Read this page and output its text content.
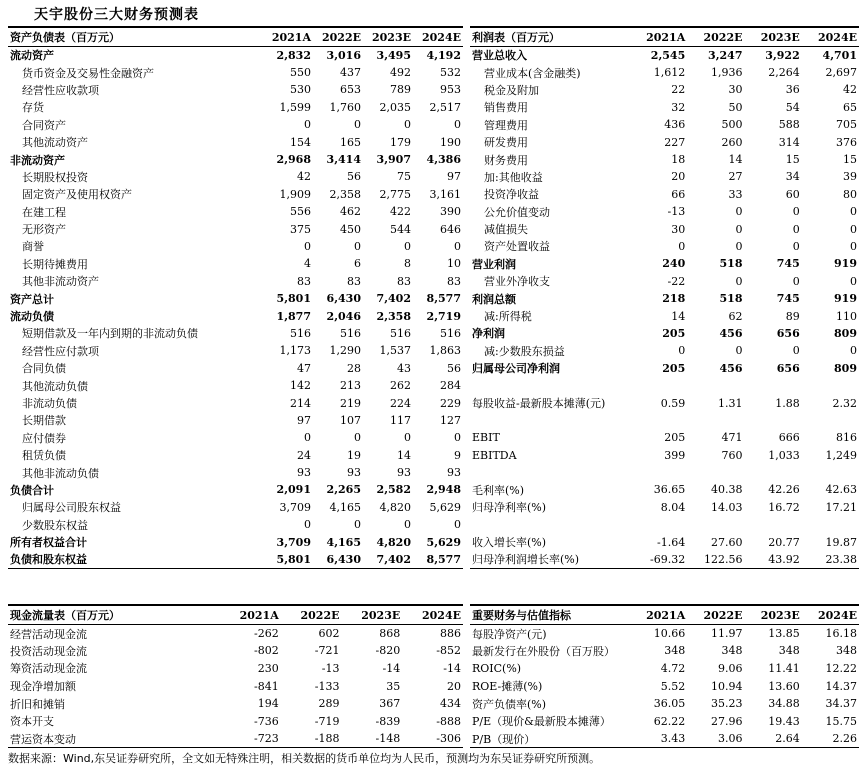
天宇股份三大财务预测表
资产负债表（百万元）	2021A	2022E	2023E	2024E
流动资产	2,832	3,016	3,495	4,192
货币资金及交易性金融资产	550	437	492	532
经营性应收款项	530	653	789	953
存货	1,599	1,760	2,035	2,517
合同资产	0	0	0	0
其他流动资产	154	165	179	190
非流动资产	2,968	3,414	3,907	4,386
长期股权投资	42	56	75	97
固定资产及使用权资产	1,909	2,358	2,775	3,161
在建工程	556	462	422	390
无形资产	375	450	544	646
商誉	0	0	0	0
长期待摊费用	4	6	8	10
其他非流动资产	83	83	83	83
资产总计	5,801	6,430	7,402	8,577
流动负债	1,877	2,046	2,358	2,719
短期借款及一年内到期的非流动负债	516	516	516	516
经营性应付款项	1,173	1,290	1,537	1,863
合同负债	47	28	43	56
其他流动负债	142	213	262	284
非流动负债	214	219	224	229
长期借款	97	107	117	127
应付债券	0	0	0	0
租赁负债	24	19	14	9
其他非流动负债	93	93	93	93
负债合计	2,091	2,265	2,582	2,948
归属母公司股东权益	3,709	4,165	4,820	5,629
少数股东权益	0	0	0	0
所有者权益合计	3,709	4,165	4,820	5,629
负债和股东权益	5,801	6,430	7,402	8,577
利润表（百万元）	2021A	2022E	2023E	2024E
营业总收入	2,545	3,247	3,922	4,701
营业成本(含金融类)	1,612	1,936	2,264	2,697
税金及附加	22	30	36	42
销售费用	32	50	54	65
管理费用	436	500	588	705
研发费用	227	260	314	376
财务费用	18	14	15	15
加:其他收益	20	27	34	39
投资净收益	66	33	60	80
公允价值变动	-13	0	0	0
减值损失	30	0	0	0
资产处置收益	0	0	0	0
营业利润	240	518	745	919
营业外净收支	-22	0	0	0
利润总额	218	518	745	919
减:所得税	14	62	89	110
净利润	205	456	656	809
减:少数股东损益	0	0	0	0
归属母公司净利润	205	456	656	809

每股收益-最新股本摊薄(元)	0.59	1.31	1.88	2.32

EBIT	205	471	666	816
EBITDA	399	760	1,033	1,249

毛利率(%)	36.65	40.38	42.26	42.63
归母净利率(%)	8.04	14.03	16.72	17.21

收入增长率(%)	-1.64	27.60	20.77	19.87
归母净利润增长率(%)	-69.32	122.56	43.92	23.38
现金流量表（百万元）	2021A	2022E	2023E	2024E
经营活动现金流	-262	602	868	886
投资活动现金流	-802	-721	-820	-852
筹资活动现金流	230	-13	-14	-14
现金净增加额	-841	-133	35	20
折旧和摊销	194	289	367	434
资本开支	-736	-719	-839	-888
营运资本变动	-723	-188	-148	-306
重要财务与估值指标	2021A	2022E	2023E	2024E
每股净资产(元)	10.66	11.97	13.85	16.18
最新发行在外股份（百万股）	348	348	348	348
ROIC(%)	4.72	9.06	11.41	12.22
ROE-摊薄(%)	5.52	10.94	13.60	14.37
资产负债率(%)	36.05	35.23	34.88	34.37
P/E（现价&最新股本摊薄）	62.22	27.96	19.43	15.75
P/B（现价）	3.43	3.06	2.64	2.26
数据来源：Wind,东吴证券研究所，全文如无特殊注明，相关数据的货币单位均为人民币，预测均为东吴证券研究所预测。
